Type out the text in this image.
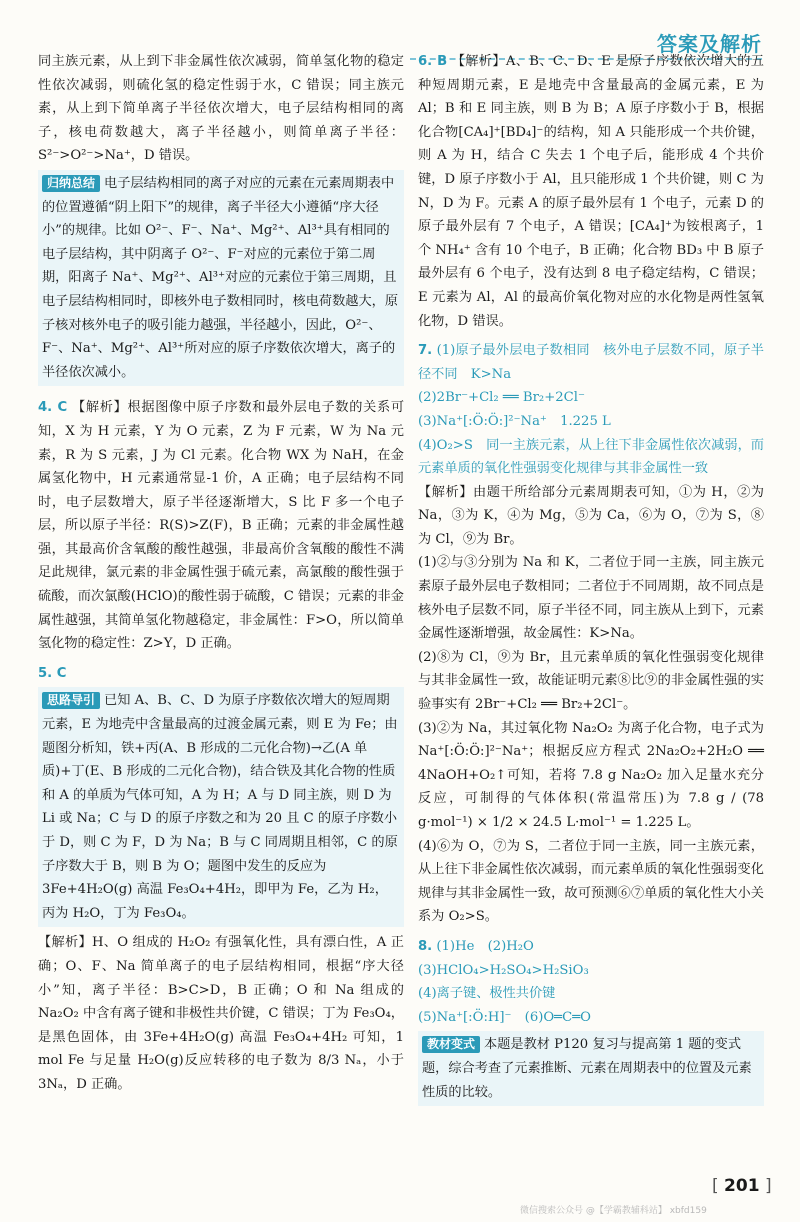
答案及解析

同主族元素，从上到下非金属性依次减弱，简单氢化物的稳定性依次减弱，则硫化氢的稳定性弱于水，C 错误；同主族元素，从上到下简单离子半径依次增大，电子层结构相同的离子，核电荷数越大，离子半径越小，则简单离子半径：S²⁻>O²⁻>Na⁺，D 错误。

归纳总结 电子层结构相同的离子对应的元素在元素周期表中的位置遵循“阴上阳下”的规律，离子半径大小遵循“序大径小”的规律。比如 O²⁻、F⁻、Na⁺、Mg²⁺、Al³⁺具有相同的电子层结构，其中阴离子 O²⁻、F⁻对应的元素位于第二周期，阳离子 Na⁺、Mg²⁺、Al³⁺对应的元素位于第三周期，且电子层结构相同时，即核外电子数相同时，核电荷数越大，原子核对核外电子的吸引能力越强，半径越小，因此，O²⁻、F⁻、Na⁺、Mg²⁺、Al³⁺所对应的原子序数依次增大，离子的半径依次减小。

4. C 【解析】根据图像中原子序数和最外层电子数的关系可知，X 为 H 元素，Y 为 O 元素，Z 为 F 元素，W 为 Na 元素，R 为 S 元素，J 为 Cl 元素。化合物 WX 为 NaH，在金属氢化物中，H 元素通常显-1 价，A 正确；电子层结构不同时，电子层数增大，原子半径逐渐增大，S 比 F 多一个电子层，所以原子半径：R(S)>Z(F)，B 正确；元素的非金属性越强，其最高价含氧酸的酸性越强，非最高价含氧酸的酸性不满足此规律，氯元素的非金属性强于硫元素，高氯酸的酸性强于硫酸，而次氯酸(HClO)的酸性弱于硫酸，C 错误；元素的非金属性越强，其简单氢化物越稳定，非金属性：F>O，所以简单氢化物的稳定性：Z>Y，D 正确。

5. C

思路导引 已知 A、B、C、D 为原子序数依次增大的短周期元素，E 为地壳中含量最高的过渡金属元素，则 E 为 Fe；由题图分析知，铁+丙(A、B 形成的二元化合物)→乙(A 单质)+丁(E、B 形成的二元化合物)，结合铁及其化合物的性质和 A 的单质为气体可知，A 为 H；A 与 D 同主族，则 D 为 Li 或 Na；C 与 D 的原子序数之和为 20 且 C 的原子序数小于 D，则 C 为 F，D 为 Na；B 与 C 同周期且相邻，C 的原子序数大于 B，则 B 为 O；题图中发生的反应为 3Fe+4H₂O(g) 高温 Fe₃O₄+4H₂，即甲为 Fe，乙为 H₂，丙为 H₂O，丁为 Fe₃O₄。

【解析】H、O 组成的 H₂O₂ 有强氧化性，具有漂白性，A 正确；O、F、Na 简单离子的电子层结构相同，根据“序大径小”知，离子半径：B>C>D，B 正确；O 和 Na 组成的 Na₂O₂ 中含有离子键和非极性共价键，C 错误；丁为 Fe₃O₄，是黑色固体，由 3Fe+4H₂O(g) 高温 Fe₃O₄+4H₂ 可知，1 mol Fe 与足量 H₂O(g)反应转移的电子数为 8/3 Nₐ，小于 3Nₐ，D 正确。

6. B 【解析】A、B、C、D、E 是原子序数依次增大的五种短周期元素，E 是地壳中含量最高的金属元素，E 为 Al；B 和 E 同主族，则 B 为 B；A 原子序数小于 B，根据化合物[CA₄]⁺[BD₄]⁻的结构，知 A 只能形成一个共价键，则 A 为 H，结合 C 失去 1 个电子后，能形成 4 个共价键，D 原子序数小于 Al，且只能形成 1 个共价键，则 C 为 N，D 为 F。元素 A 的原子最外层有 1 个电子，元素 D 的原子最外层有 7 个电子，A 错误；[CA₄]⁺为铵根离子，1 个 NH₄⁺ 含有 10 个电子，B 正确；化合物 BD₃ 中 B 原子最外层有 6 个电子，没有达到 8 电子稳定结构，C 错误；E 元素为 Al，Al 的最高价氧化物对应的水化物是两性氢氧化物，D 错误。

7. (1)原子最外层电子数相同　核外电子层数不同，原子半径不同　K>Na

(2)2Br⁻+Cl₂ ══ Br₂+2Cl⁻

(3)Na⁺[:Ö:Ö:]²⁻Na⁺　1.225 L

(4)O₂>S　同一主族元素，从上往下非金属性依次减弱，而元素单质的氧化性强弱变化规律与其非金属性一致

【解析】由题干所给部分元素周期表可知，①为 H，②为 Na，③为 K，④为 Mg，⑤为 Ca，⑥为 O，⑦为 S，⑧为 Cl，⑨为 Br。

(1)②与③分别为 Na 和 K，二者位于同一主族，同主族元素原子最外层电子数相同；二者位于不同周期，故不同点是核外电子层数不同，原子半径不同，同主族从上到下，元素金属性逐渐增强，故金属性：K>Na。

(2)⑧为 Cl，⑨为 Br，且元素单质的氧化性强弱变化规律与其非金属性一致，故能证明元素⑧比⑨的非金属性强的实验事实有 2Br⁻+Cl₂ ══ Br₂+2Cl⁻。

(3)②为 Na，其过氧化物 Na₂O₂ 为离子化合物，电子式为 Na⁺[:Ö:Ö:]²⁻Na⁺；根据反应方程式 2Na₂O₂+2H₂O ══ 4NaOH+O₂↑可知，若将 7.8 g Na₂O₂ 加入足量水充分反应，可制得的气体体积(常温常压)为 7.8 g / (78 g·mol⁻¹) × 1/2 × 24.5 L·mol⁻¹ = 1.225 L。

(4)⑥为 O，⑦为 S，二者位于同一主族，同一主族元素，从上往下非金属性依次减弱，而元素单质的氧化性强弱变化规律与其非金属性一致，故可预测⑥⑦单质的氧化性大小关系为 O₂>S。

8. (1)He　(2)H₂O

(3)HClO₄>H₂SO₄>H₂SiO₃

(4)离子键、极性共价键

(5)Na⁺[:Ö:H]⁻　(6)O═C═O

教材变式 本题是教材 P120 复习与提高第 1 题的变式题，综合考查了元素推断、元素在周期表中的位置及元素性质的比较。
[ 201 ]
微信搜索公众号 @【学霸教辅科站】 xbfd159
